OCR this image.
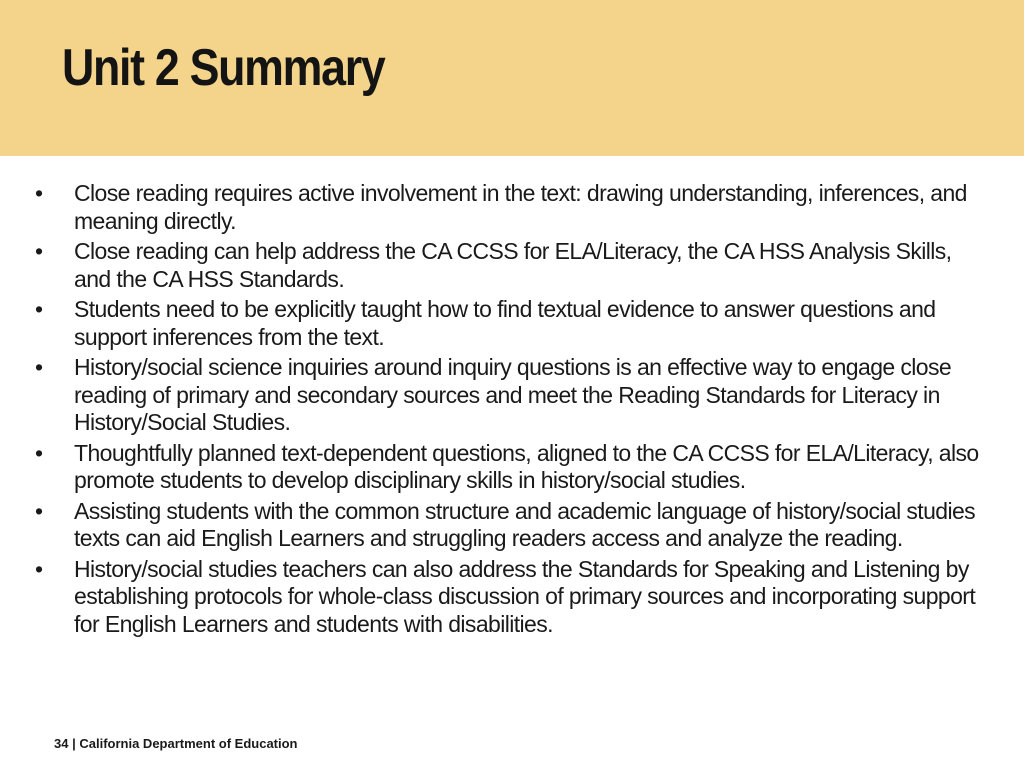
Unit 2 Summary
• Close reading requires active involvement in the text: drawing understanding, inferences, and meaning directly.
• Close reading can help address the CA CCSS for ELA/Literacy, the CA HSS Analysis Skills, and the CA HSS Standards.
• Students need to be explicitly taught how to find textual evidence to answer questions and support inferences from the text.
• History/social science inquiries around inquiry questions is an effective way to engage close reading of primary and secondary sources and meet the Reading Standards for Literacy in History/Social Studies.
• Thoughtfully planned text-dependent questions, aligned to the CA CCSS for ELA/Literacy, also promote students to develop disciplinary skills in history/social studies.
• Assisting students with the common structure and academic language of history/social studies texts can aid English Learners and struggling readers access and analyze the reading.
• History/social studies teachers can also address the Standards for Speaking and Listening by establishing protocols for whole-class discussion of primary sources and incorporating support for English Learners and students with disabilities.
34 | California Department of Education
